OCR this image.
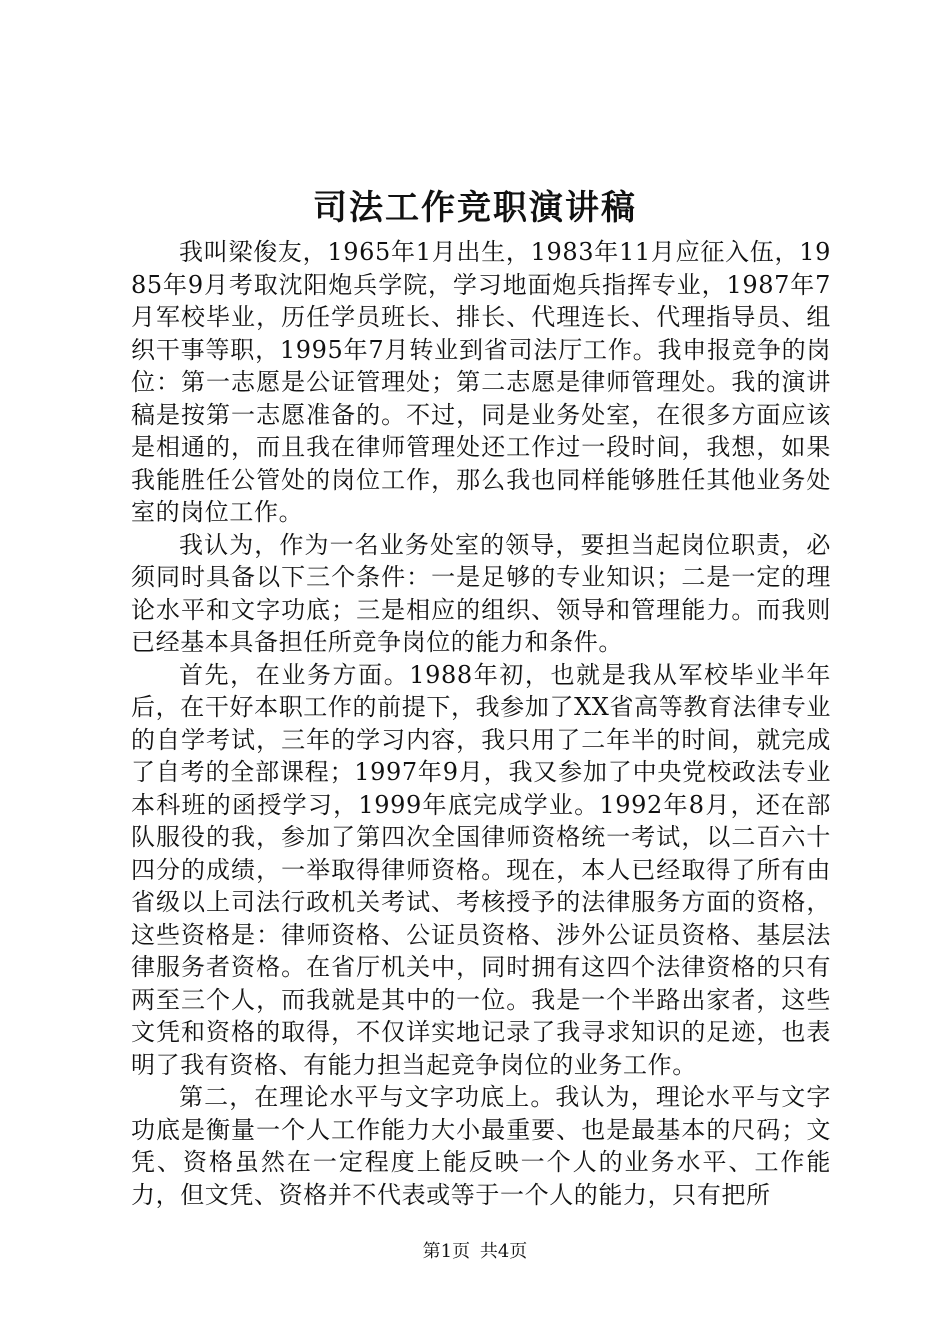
司法工作竞职演讲稿

我叫梁俊友，1965年1月出生，1983年11月应征入伍，1985年9月考取沈阳炮兵学院，学习地面炮兵指挥专业，1987年7月军校毕业，历任学员班长、排长、代理连长、代理指导员、组织干事等职，1995年7月转业到省司法厅工作。我申报竞争的岗位：第一志愿是公证管理处；第二志愿是律师管理处。我的演讲稿是按第一志愿准备的。不过，同是业务处室，在很多方面应该是相通的，而且我在律师管理处还工作过一段时间，我想，如果我能胜任公管处的岗位工作，那么我也同样能够胜任其他业务处室的岗位工作。

我认为，作为一名业务处室的领导，要担当起岗位职责，必须同时具备以下三个条件：一是足够的专业知识；二是一定的理论水平和文字功底；三是相应的组织、领导和管理能力。而我则已经基本具备担任所竞争岗位的能力和条件。

首先，在业务方面。1988年初，也就是我从军校毕业半年后，在干好本职工作的前提下，我参加了XX省高等教育法律专业的自学考试，三年的学习内容，我只用了二年半的时间，就完成了自考的全部课程；1997年9月，我又参加了中央党校政法专业本科班的函授学习，1999年底完成学业。1992年8月，还在部队服役的我，参加了第四次全国律师资格统一考试，以二百六十四分的成绩，一举取得律师资格。现在，本人已经取得了所有由省级以上司法行政机关考试、考核授予的法律服务方面的资格，这些资格是：律师资格、公证员资格、涉外公证员资格、基层法律服务者资格。在省厅机关中，同时拥有这四个法律资格的只有两至三个人，而我就是其中的一位。我是一个半路出家者，这些文凭和资格的取得，不仅详实地记录了我寻求知识的足迹，也表明了我有资格、有能力担当起竞争岗位的业务工作。

第二，在理论水平与文字功底上。我认为，理论水平与文字功底是衡量一个人工作能力大小最重要、也是最基本的尺码；文凭、资格虽然在一定程度上能反映一个人的业务水平、工作能力，但文凭、资格并不代表或等于一个人的能力，只有把所

第1页 共4页
